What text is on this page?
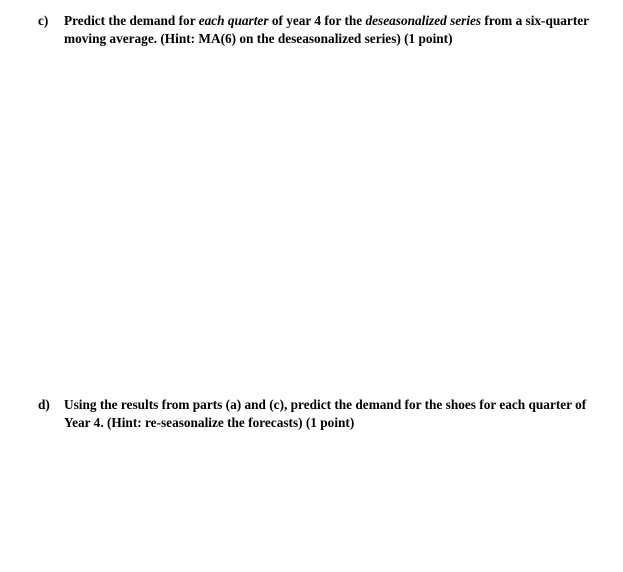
c)	Predict the demand for each quarter of year 4 for the deseasonalized series from a six-quarter moving average. (Hint: MA(6) on the deseasonalized series) (1 point)
d)	Using the results from parts (a) and (c), predict the demand for the shoes for each quarter of Year 4. (Hint: re-seasonalize the forecasts) (1 point)
